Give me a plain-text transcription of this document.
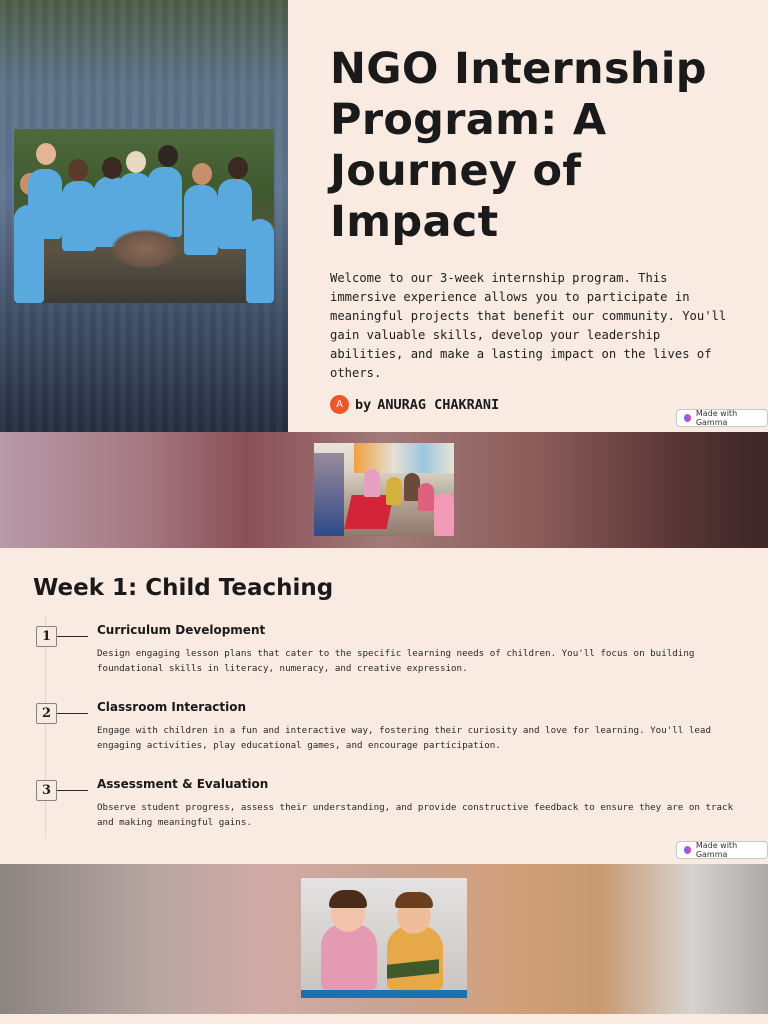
NGO Internship Program: A Journey of Impact

Welcome to our 3-week internship program. This immersive experience allows you to participate in meaningful projects that benefit our community. You'll gain valuable skills, develop your leadership abilities, and make a lasting impact on the lives of others.

A by ANURAG CHAKRANI
Made with Gamma
Week 1: Child Teaching
1	Curriculum Development
Design engaging lesson plans that cater to the specific learning needs of children. You'll focus on building foundational skills in literacy, numeracy, and creative expression.
2	Classroom Interaction
Engage with children in a fun and interactive way, fostering their curiosity and love for learning. You'll lead engaging activities, play educational games, and encourage participation.
3	Assessment & Evaluation
Observe student progress, assess their understanding, and provide constructive feedback to ensure they are on track and making meaningful gains.
Made with Gamma
